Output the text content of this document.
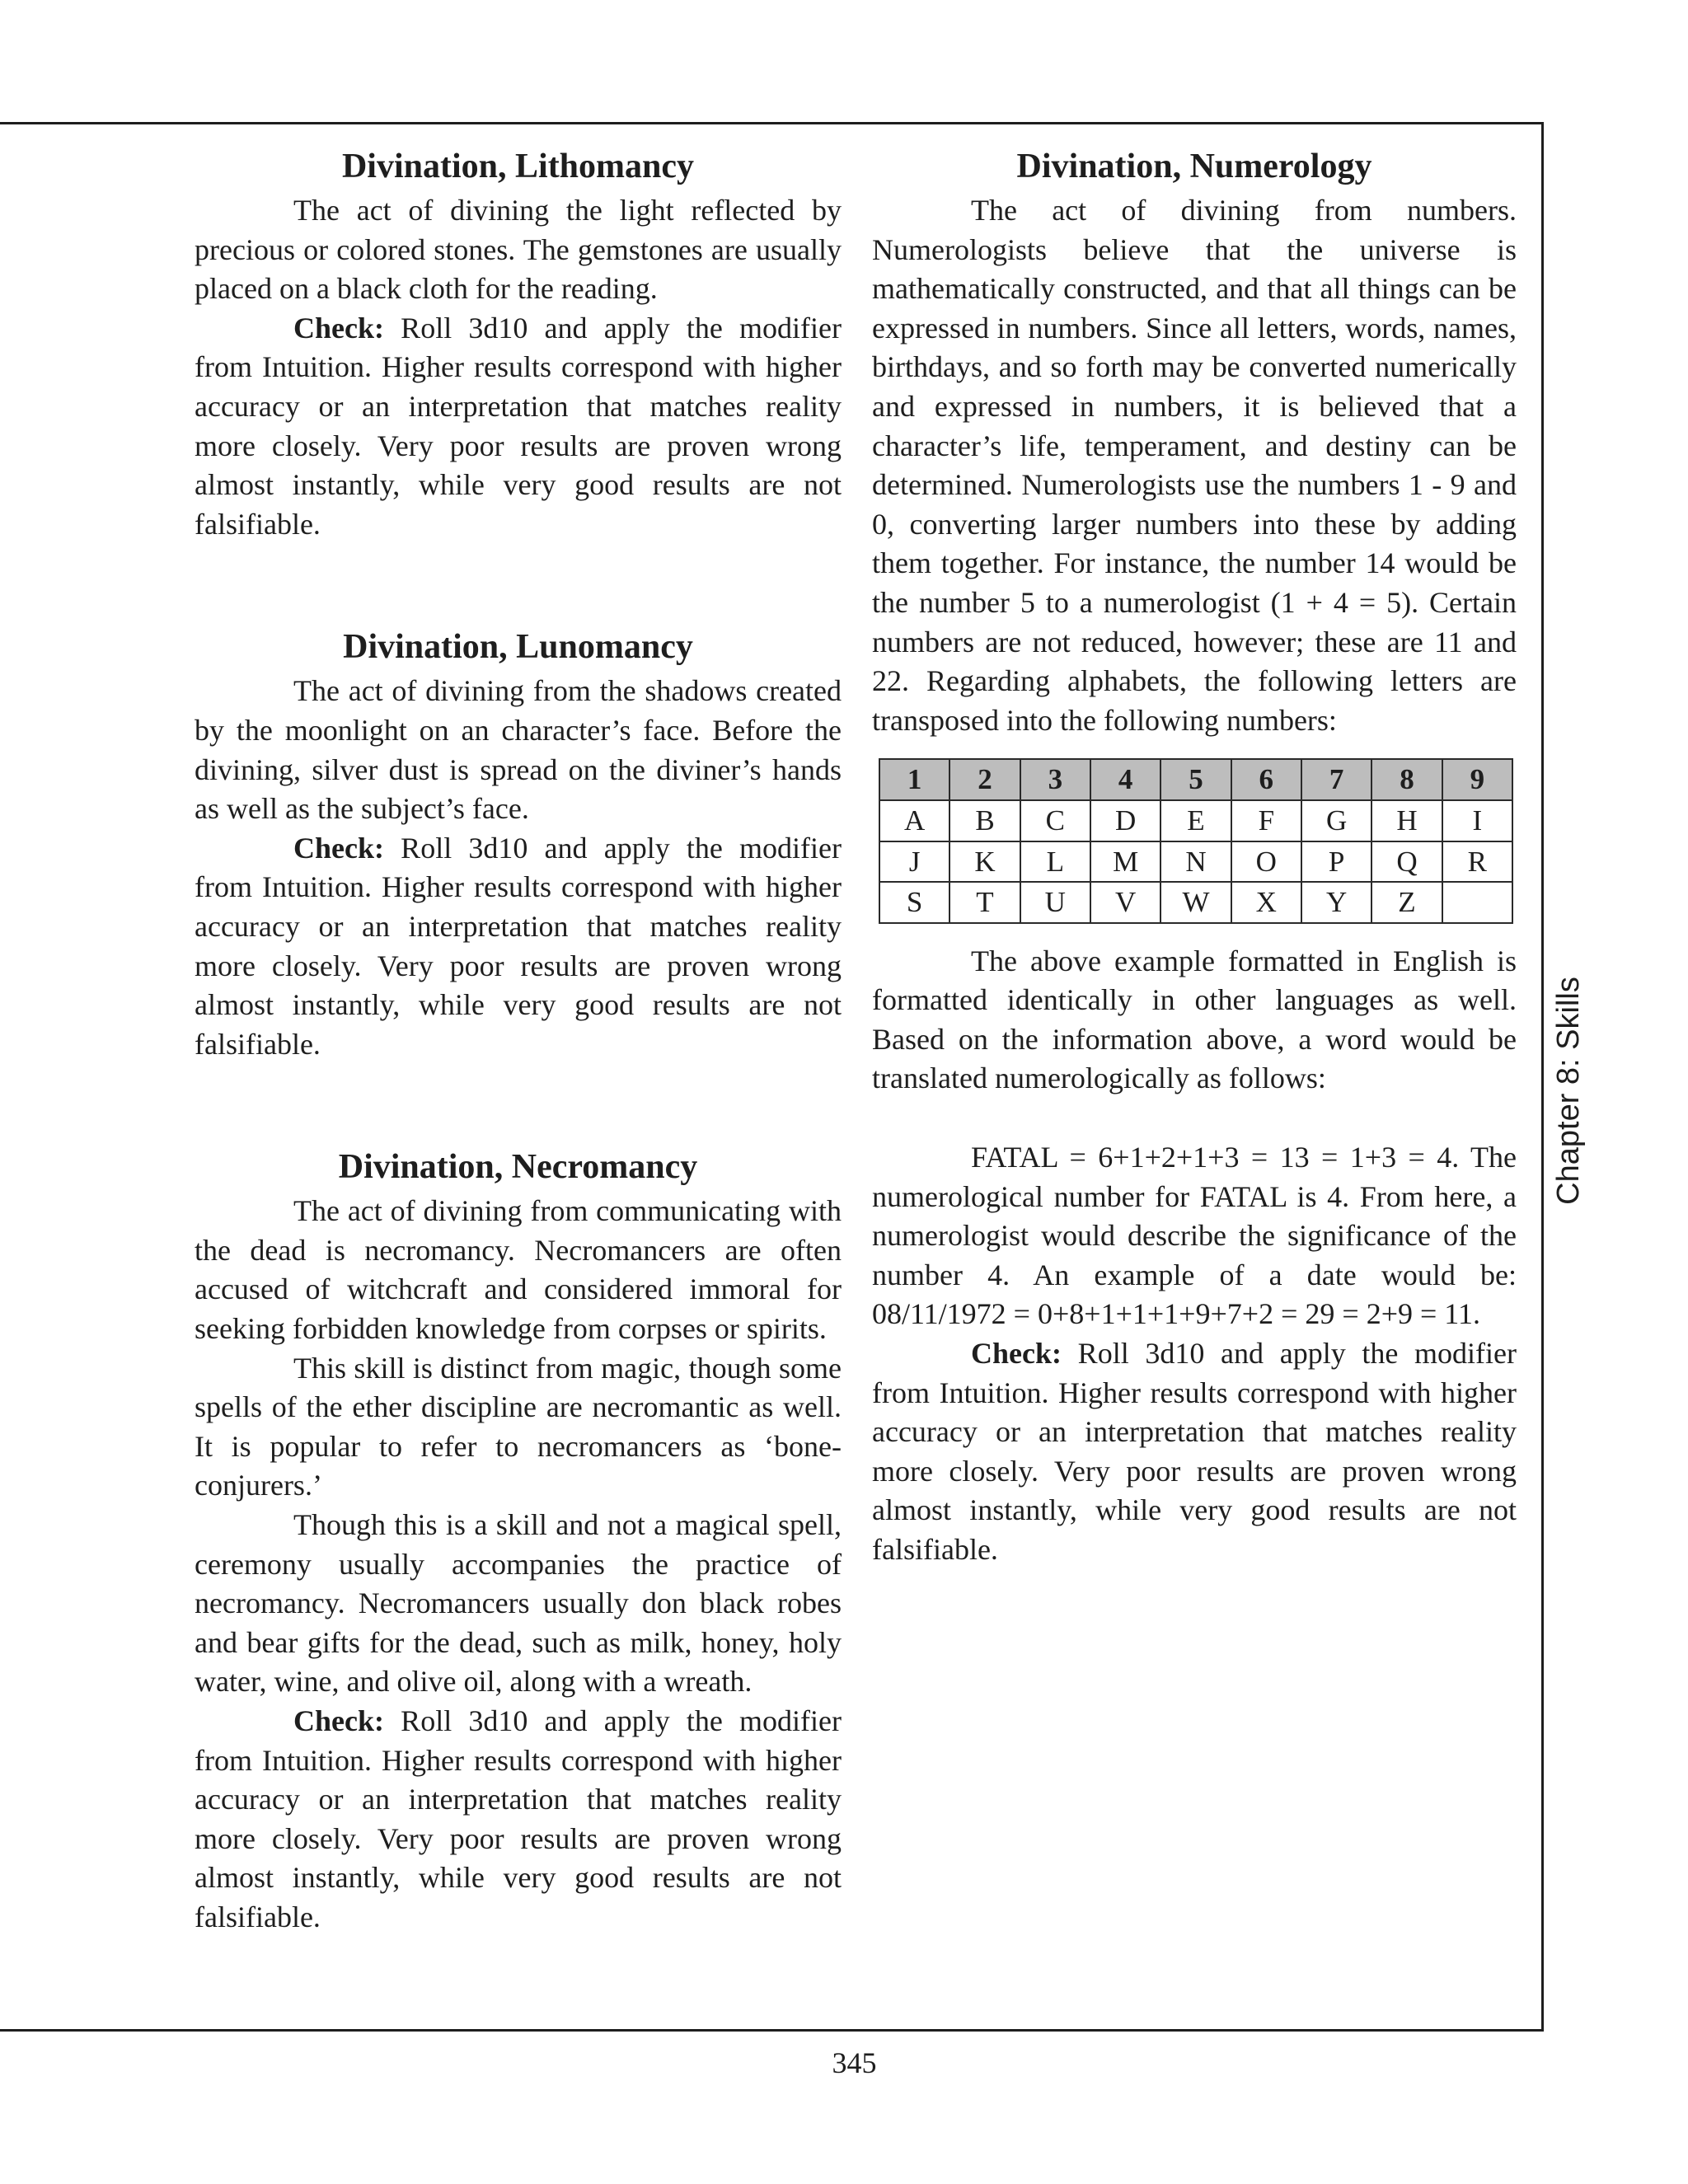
Divination, Lithomancy

The act of divining the light reflected by precious or colored stones. The gemstones are usually placed on a black cloth for the reading.

Check: Roll 3d10 and apply the modifier from Intuition. Higher results correspond with higher accuracy or an interpretation that matches reality more closely. Very poor results are proven wrong almost instantly, while very good results are not falsifiable.

Divination, Lunomancy

The act of divining from the shadows created by the moonlight on an character’s face. Before the divining, silver dust is spread on the diviner’s hands as well as the subject’s face.

Check: Roll 3d10 and apply the modifier from Intuition. Higher results correspond with higher accuracy or an interpretation that matches reality more closely. Very poor results are proven wrong almost instantly, while very good results are not falsifiable.

Divination, Necromancy

The act of divining from communicating with the dead is necromancy. Necromancers are often accused of witchcraft and considered immoral for seeking forbidden knowledge from corpses or spirits.

This skill is distinct from magic, though some spells of the ether discipline are necromantic as well. It is popular to refer to necromancers as ‘bone-conjurers.’

Though this is a skill and not a magical spell, ceremony usually accompanies the practice of necromancy. Necromancers usually don black robes and bear gifts for the dead, such as milk, honey, holy water, wine, and olive oil, along with a wreath.

Check: Roll 3d10 and apply the modifier from Intuition. Higher results correspond with higher accuracy or an interpretation that matches reality more closely. Very poor results are proven wrong almost instantly, while very good results are not falsifiable.

Divination, Numerology

The act of divining from numbers. Numerologists believe that the universe is mathematically constructed, and that all things can be expressed in numbers. Since all letters, words, names, birthdays, and so forth may be converted numerically and expressed in numbers, it is believed that a character’s life, temperament, and destiny can be determined. Numerologists use the numbers 1 - 9 and 0, converting larger numbers into these by adding them together. For instance, the number 14 would be the number 5 to a numerologist (1 + 4 = 5). Certain numbers are not reduced, however; these are 11 and 22. Regarding alphabets, the following letters are transposed into the following numbers:

1	2	3	4	5	6	7	8	9
A	B	C	D	E	F	G	H	I
J	K	L	M	N	O	P	Q	R
S	T	U	V	W	X	Y	Z	

The above example formatted in English is formatted identically in other languages as well. Based on the information above, a word would be translated numerologically as follows:

FATAL = 6+1+2+1+3 = 13 = 1+3 = 4. The numerological number for FATAL is 4. From here, a numerologist would describe the significance of the number 4. An example of a date would be: 08/11/1972 = 0+8+1+1+1+9+7+2 = 29 = 2+9 = 11.

Check: Roll 3d10 and apply the modifier from Intuition. Higher results correspond with higher accuracy or an interpretation that matches reality more closely. Very poor results are proven wrong almost instantly, while very good results are not falsifiable.

Chapter 8: Skills
345
